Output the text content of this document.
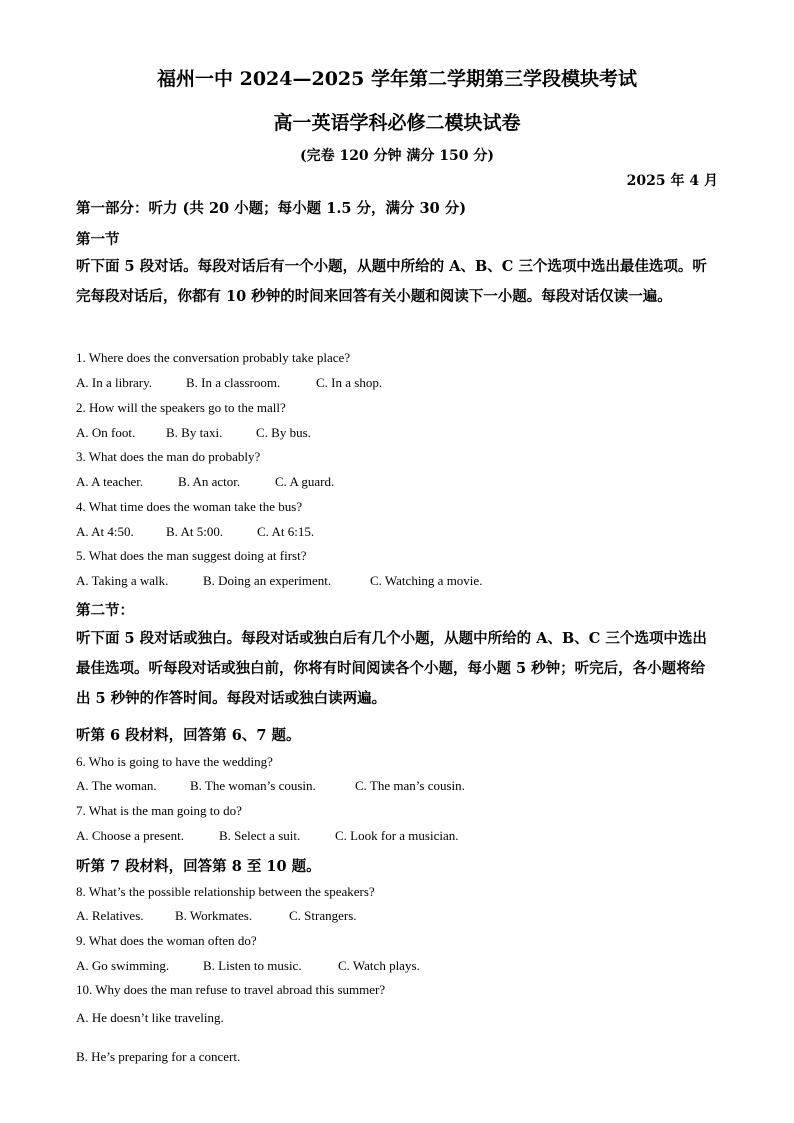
福州一中 2024—2025 学年第二学期第三学段模块考试
高一英语学科必修二模块试卷
(完卷 120 分钟 满分 150 分)
2025 年 4 月
第一部分：听力 (共 20 小题；每小题 1.5 分，满分 30 分)
第一节
听下面 5 段对话。每段对话后有一个小题，从题中所给的 A、B、C 三个选项中选出最佳选项。听完每段对话后，你都有 10 秒钟的时间来回答有关小题和阅读下一小题。每段对话仅读一遍。
1. Where does the conversation probably take place?
A. In a library.	B. In a classroom.	C. In a shop.
2. How will the speakers go to the mall?
A. On foot. B. By taxi.	C. By bus.
3. What does the man do probably?
A. A teacher.	B. An actor.	C. A guard.
4. What time does the woman take the bus?
A. At 4:50. B. At 5:00.	C. At 6:15.
5. What does the man suggest doing at first?
A. Taking a walk.	B. Doing an experiment.	C. Watching a movie.
第二节：
听下面 5 段对话或独白。每段对话或独白后有几个小题，从题中所给的 A、B、C 三个选项中选出最佳选项。听每段对话或独白前，你将有时间阅读各个小题，每小题 5 秒钟；听完后，各小题将给出 5 秒钟的作答时间。每段对话或独白读两遍。
听第 6 段材料，回答第 6、7 题。
6. Who is going to have the wedding?
A. The woman.	B. The woman’s cousin.	C. The man’s cousin.
7. What is the man going to do?
A. Choose a present.	B. Select a suit.	C. Look for a musician.
听第 7 段材料，回答第 8 至 10 题。
8. What’s the possible relationship between the speakers?
A. Relatives. B. Workmates.	C. Strangers.
9. What does the woman often do?
A. Go swimming.	B. Listen to music.	C. Watch plays.
10. Why does the man refuse to travel abroad this summer?
A. He doesn’t like traveling.
B. He’s preparing for a concert.
